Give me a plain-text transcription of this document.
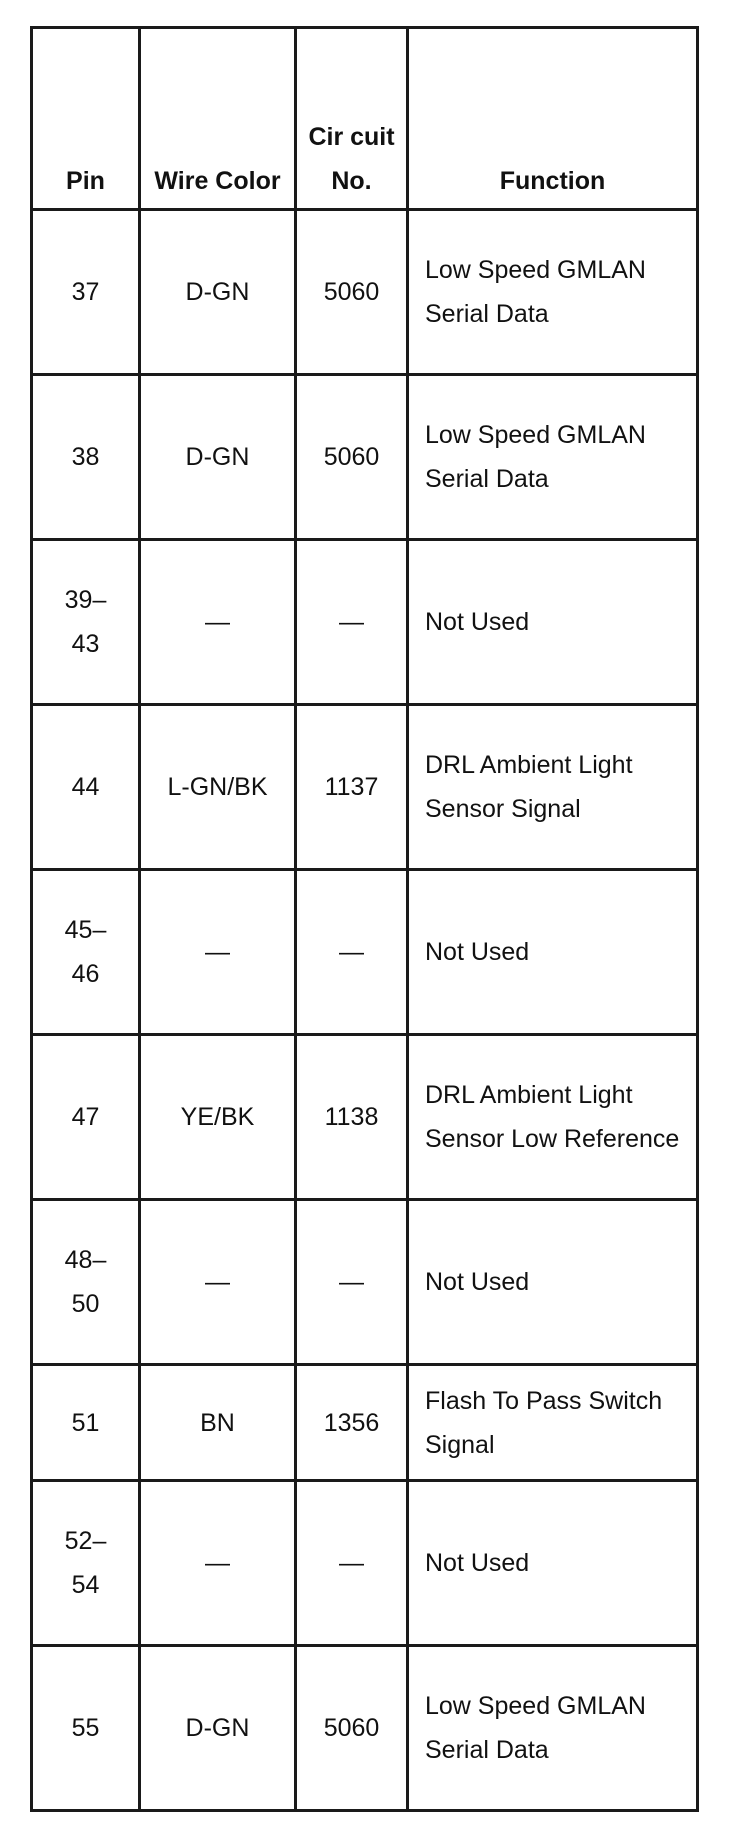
Pin	Wire Color	Cir cuit No.	Function
37	D-GN	5060	Low Speed GMLAN Serial Data
38	D-GN	5060	Low Speed GMLAN Serial Data
39–43	—	—	Not Used
44	L-GN/BK	1137	DRL Ambient Light Sensor Signal
45–46	—	—	Not Used
47	YE/BK	1138	DRL Ambient Light Sensor Low Reference
48–50	—	—	Not Used
51	BN	1356	Flash To Pass Switch Signal
52–54	—	—	Not Used
55	D-GN	5060	Low Speed GMLAN Serial Data
